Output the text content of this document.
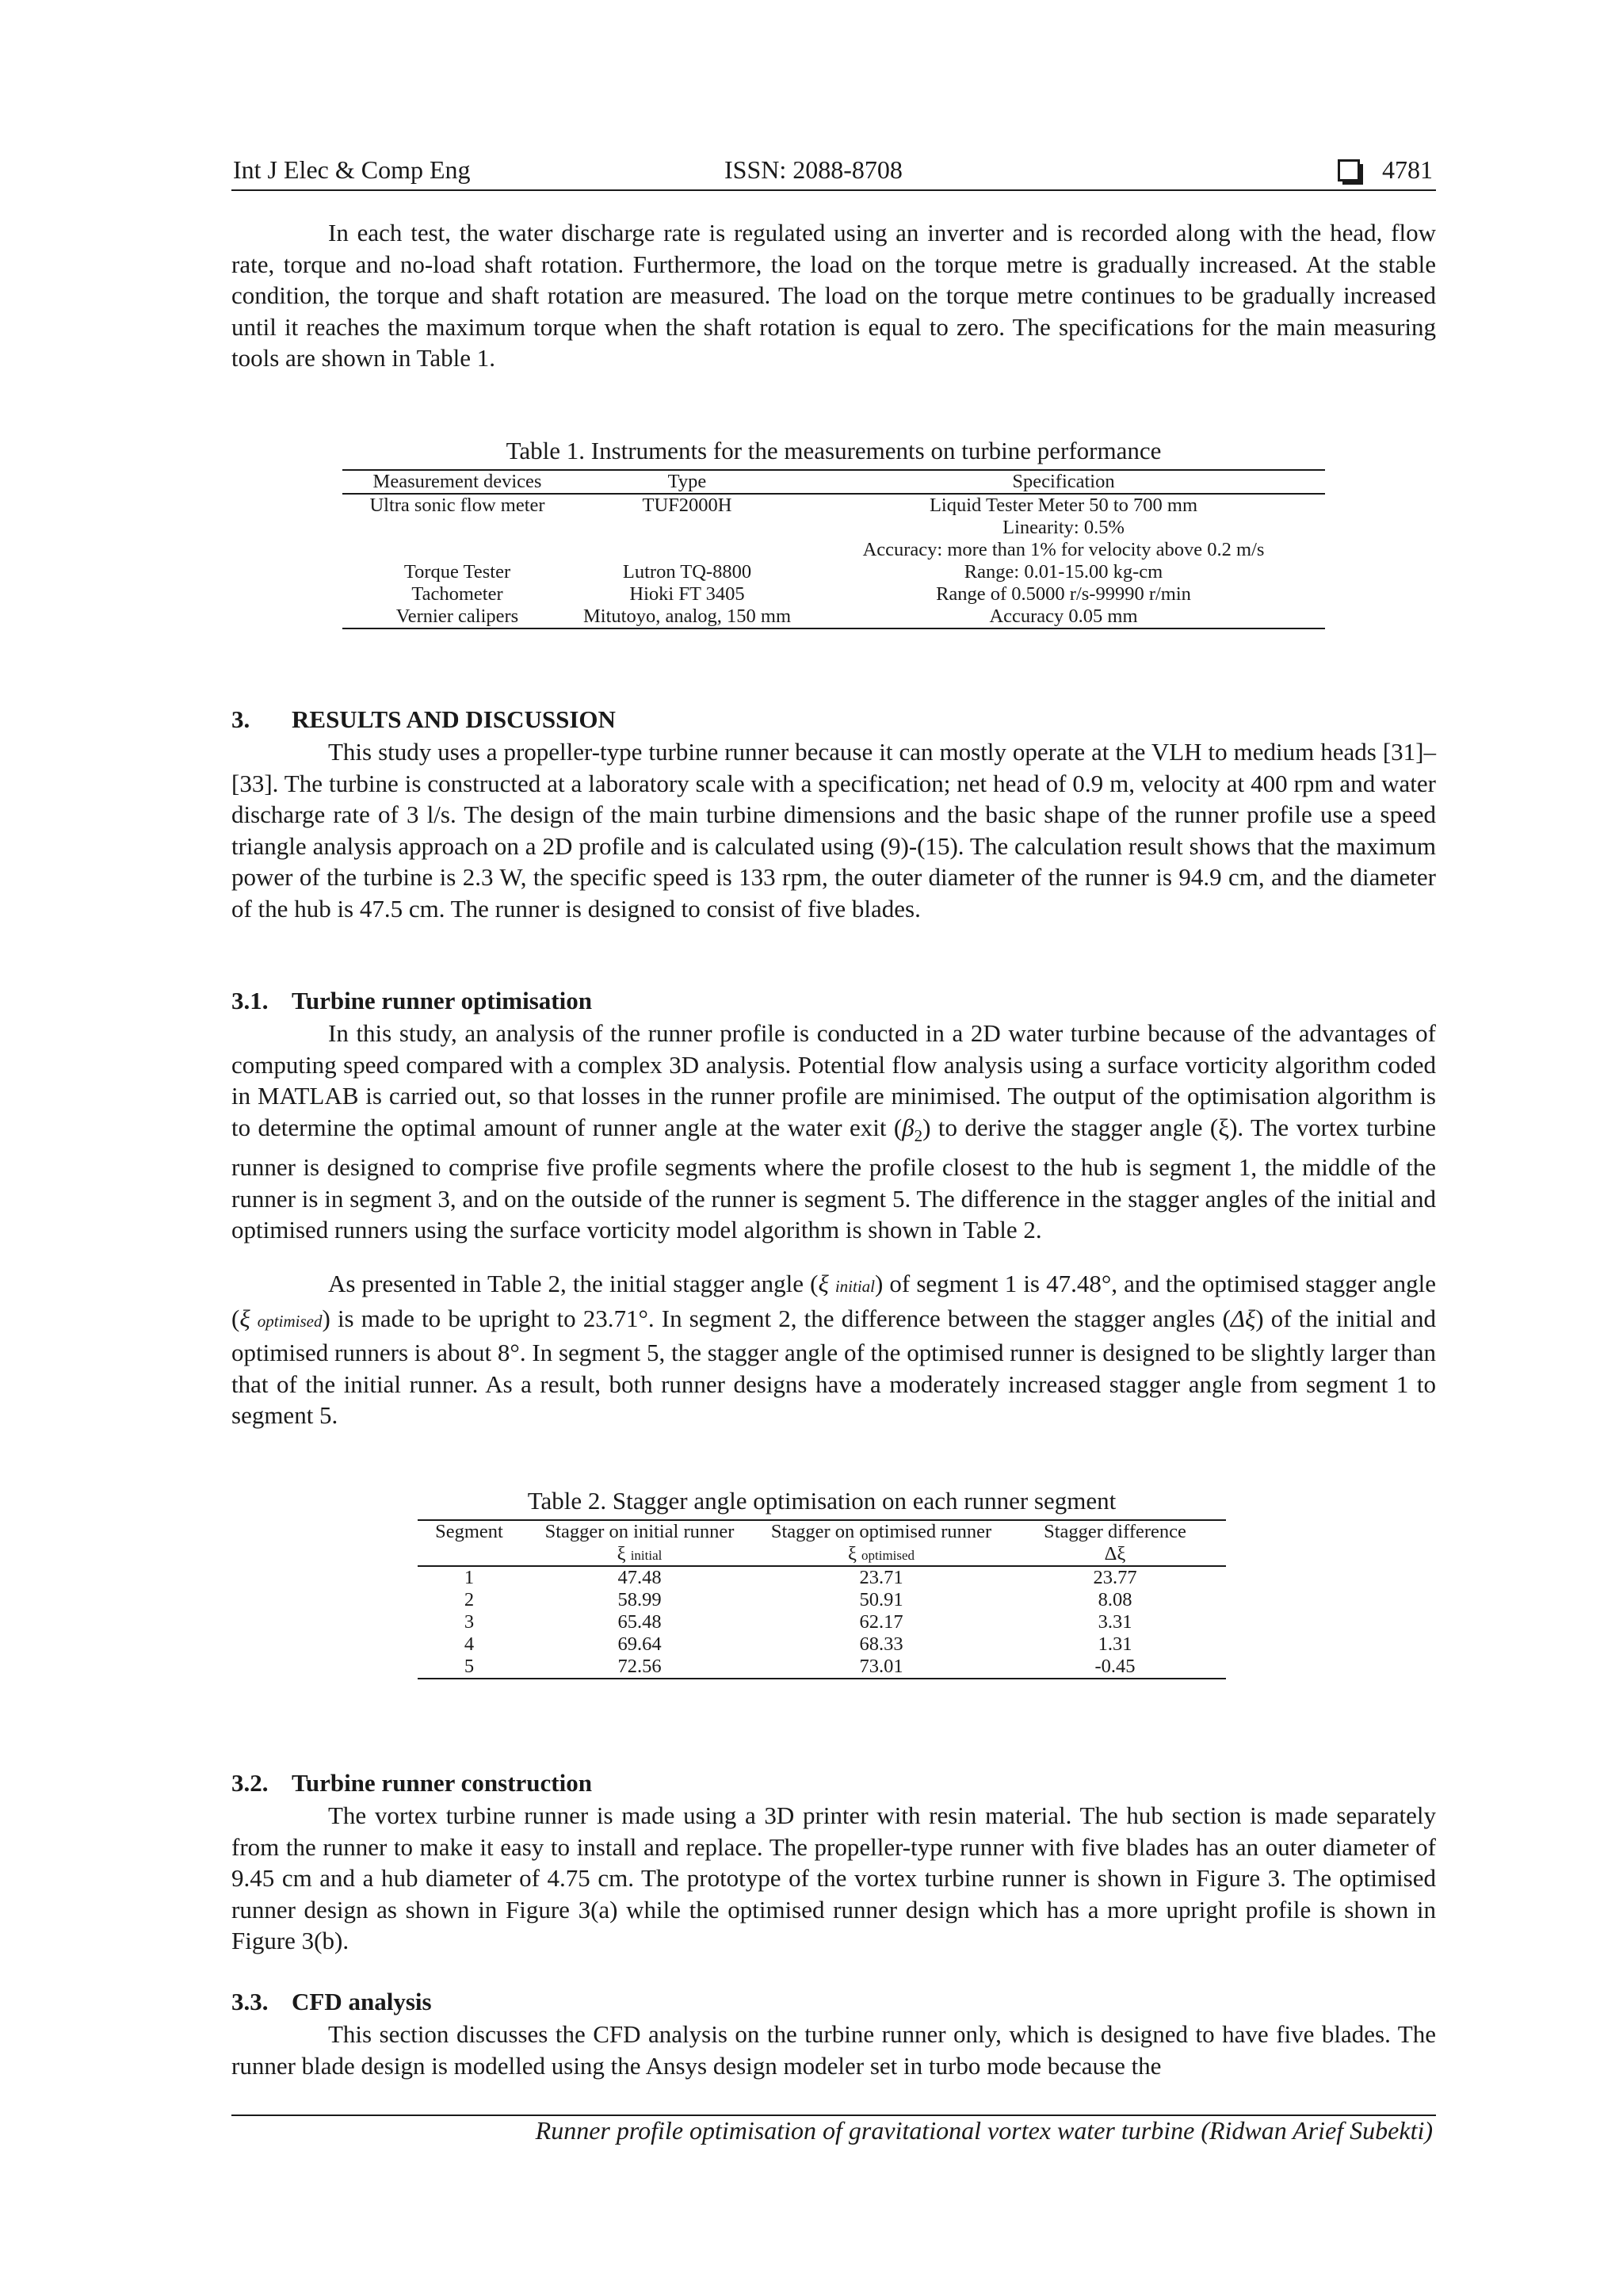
Int J Elec & Comp Eng	ISSN: 2088-8708	4781

In each test, the water discharge rate is regulated using an inverter and is recorded along with the head, flow rate, torque and no-load shaft rotation. Furthermore, the load on the torque metre is gradually increased. At the stable condition, the torque and shaft rotation are measured. The load on the torque metre continues to be gradually increased until it reaches the maximum torque when the shaft rotation is equal to zero. The specifications for the main measuring tools are shown in Table 1.

Table 1. Instruments for the measurements on turbine performance
Measurement devices	Type	Specification
Ultra sonic flow meter	TUF2000H	Liquid Tester Meter 50 to 700 mm
		Linearity: 0.5%
		Accuracy: more than 1% for velocity above 0.2 m/s
Torque Tester	Lutron TQ-8800	Range: 0.01-15.00 kg-cm
Tachometer	Hioki FT 3405	Range of 0.5000 r/s-99990 r/min
Vernier calipers	Mitutoyo, analog, 150 mm	Accuracy 0.05 mm
3. RESULTS AND DISCUSSION

This study uses a propeller-type turbine runner because it can mostly operate at the VLH to medium heads [31]–[33]. The turbine is constructed at a laboratory scale with a specification; net head of 0.9 m, velocity at 400 rpm and water discharge rate of 3 l/s. The design of the main turbine dimensions and the basic shape of the runner profile use a speed triangle analysis approach on a 2D profile and is calculated using (9)-(15). The calculation result shows that the maximum power of the turbine is 2.3 W, the specific speed is 133 rpm, the outer diameter of the runner is 94.9 cm, and the diameter of the hub is 47.5 cm. The runner is designed to consist of five blades.

3.1. Turbine runner optimisation

In this study, an analysis of the runner profile is conducted in a 2D water turbine because of the advantages of computing speed compared with a complex 3D analysis. Potential flow analysis using a surface vorticity algorithm coded in MATLAB is carried out, so that losses in the runner profile are minimised. The output of the optimisation algorithm is to determine the optimal amount of runner angle at the water exit $(\beta_2)$ to derive the stagger angle (ξ). The vortex turbine runner is designed to comprise five profile segments where the profile closest to the hub is segment 1, the middle of the runner is in segment 3, and on the outside of the runner is segment 5. The difference in the stagger angles of the initial and optimised runners using the surface vorticity model algorithm is shown in Table 2.

As presented in Table 2, the initial stagger angle (ξ initial) of segment 1 is 47.48°, and the optimised stagger angle (ξ optimised) is made to be upright to 23.71°. In segment 2, the difference between the stagger angles (Δξ) of the initial and optimised runners is about 8°. In segment 5, the stagger angle of the optimised runner is designed to be slightly larger than that of the initial runner. As a result, both runner designs have a moderately increased stagger angle from segment 1 to segment 5.

Table 2. Stagger angle optimisation on each runner segment
Segment	Stagger on initial runner	Stagger on optimised runner	Stagger difference
	ξ initial	ξ optimised	Δξ
1	47.48	23.71	23.77
2	58.99	50.91	8.08
3	65.48	62.17	3.31
4	69.64	68.33	1.31
5	72.56	73.01	-0.45
3.2. Turbine runner construction

The vortex turbine runner is made using a 3D printer with resin material. The hub section is made separately from the runner to make it easy to install and replace. The propeller-type runner with five blades has an outer diameter of 9.45 cm and a hub diameter of 4.75 cm. The prototype of the vortex turbine runner is shown in Figure 3. The optimised runner design as shown in Figure 3(a) while the optimised runner design which has a more upright profile is shown in Figure 3(b).

3.3. CFD analysis

This section discusses the CFD analysis on the turbine runner only, which is designed to have five blades. The runner blade design is modelled using the Ansys design modeler set in turbo mode because the

Runner profile optimisation of gravitational vortex water turbine (Ridwan Arief Subekti)
